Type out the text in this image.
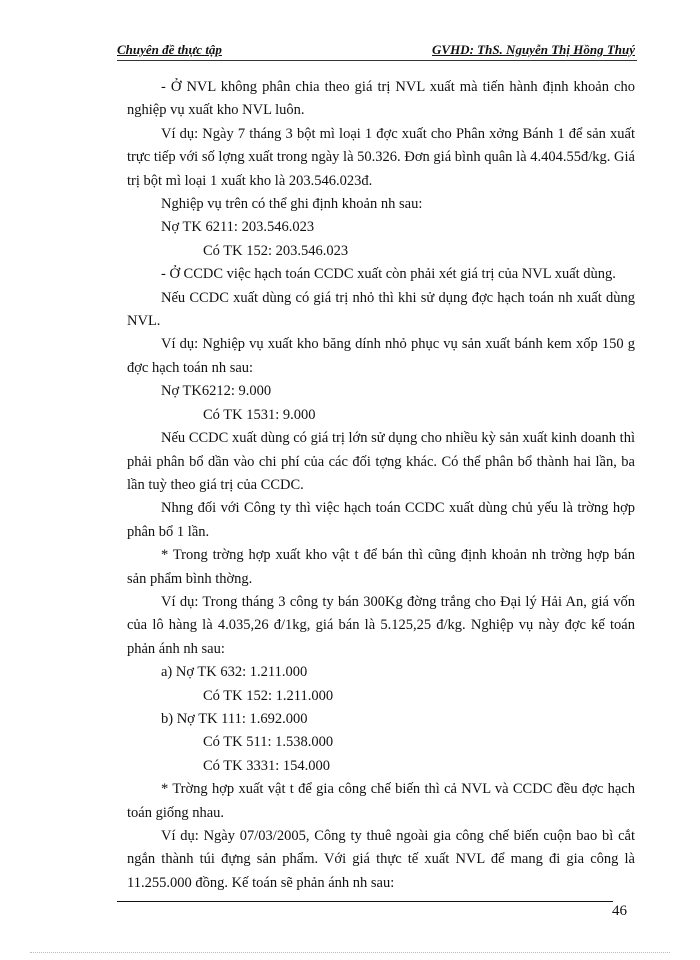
Chuyên đề thực tập	GVHD: ThS. Nguyễn Thị Hồng Thuý

- Ở NVL không phân chia theo giá trị NVL xuất mà tiến hành định khoản cho nghiệp vụ xuất kho NVL luôn.

Ví dụ: Ngày 7 tháng 3 bột mì loại 1 đợc xuất cho Phân xởng Bánh 1 để sản xuất trực tiếp với số lợng xuất trong ngày là 50.326. Đơn giá bình quân là 4.404.55đ/kg. Giá trị bột mì loại 1 xuất kho là 203.546.023đ.

Nghiệp vụ trên có thể ghi định khoản nh sau:

Nợ TK 6211: 203.546.023

Có TK 152: 203.546.023

- Ở CCDC việc hạch toán CCDC xuất còn phải xét giá trị của NVL xuất dùng.

Nếu CCDC xuất dùng có giá trị nhỏ thì khi sử dụng đợc hạch toán nh xuất dùng NVL.

Ví dụ: Nghiệp vụ xuất kho băng dính nhỏ phục vụ sản xuất bánh kem xốp 150 g đợc hạch toán nh sau:

Nợ TK6212: 9.000

Có TK 1531: 9.000

Nếu CCDC xuất dùng có giá trị lớn sử dụng cho nhiều kỳ sản xuất kinh doanh thì phải phân bổ dần vào chi phí của các đối tợng khác. Có thể phân bổ thành hai lần, ba lần tuỳ theo giá trị của CCDC.

Nhng đối với Công ty thì việc hạch toán CCDC xuất dùng chủ yếu là trờng hợp phân bổ 1 lần.

* Trong trờng hợp xuất kho vật t để bán thì cũng định khoản nh trờng hợp bán sản phẩm bình thờng.

Ví dụ: Trong tháng 3 công ty bán 300Kg đờng trắng cho Đại lý Hải An, giá vốn của lô hàng là 4.035,26 đ/1kg, giá bán là 5.125,25 đ/kg. Nghiệp vụ này đợc kế toán phản ánh nh sau:

a) Nợ TK 632: 1.211.000

Có TK 152: 1.211.000

b) Nợ TK 111: 1.692.000

Có TK 511: 1.538.000

Có TK 3331: 154.000

* Trờng hợp xuất vật t để gia công chế biến thì cả NVL và CCDC đều đợc hạch toán giống nhau.

Ví dụ: Ngày 07/03/2005, Công ty thuê ngoài gia công chế biến cuộn bao bì cắt ngắn thành túi đựng sản phẩm. Với giá thực tế xuất NVL để mang đi gia công là 11.255.000 đồng. Kế toán sẽ phản ánh nh sau:

46
